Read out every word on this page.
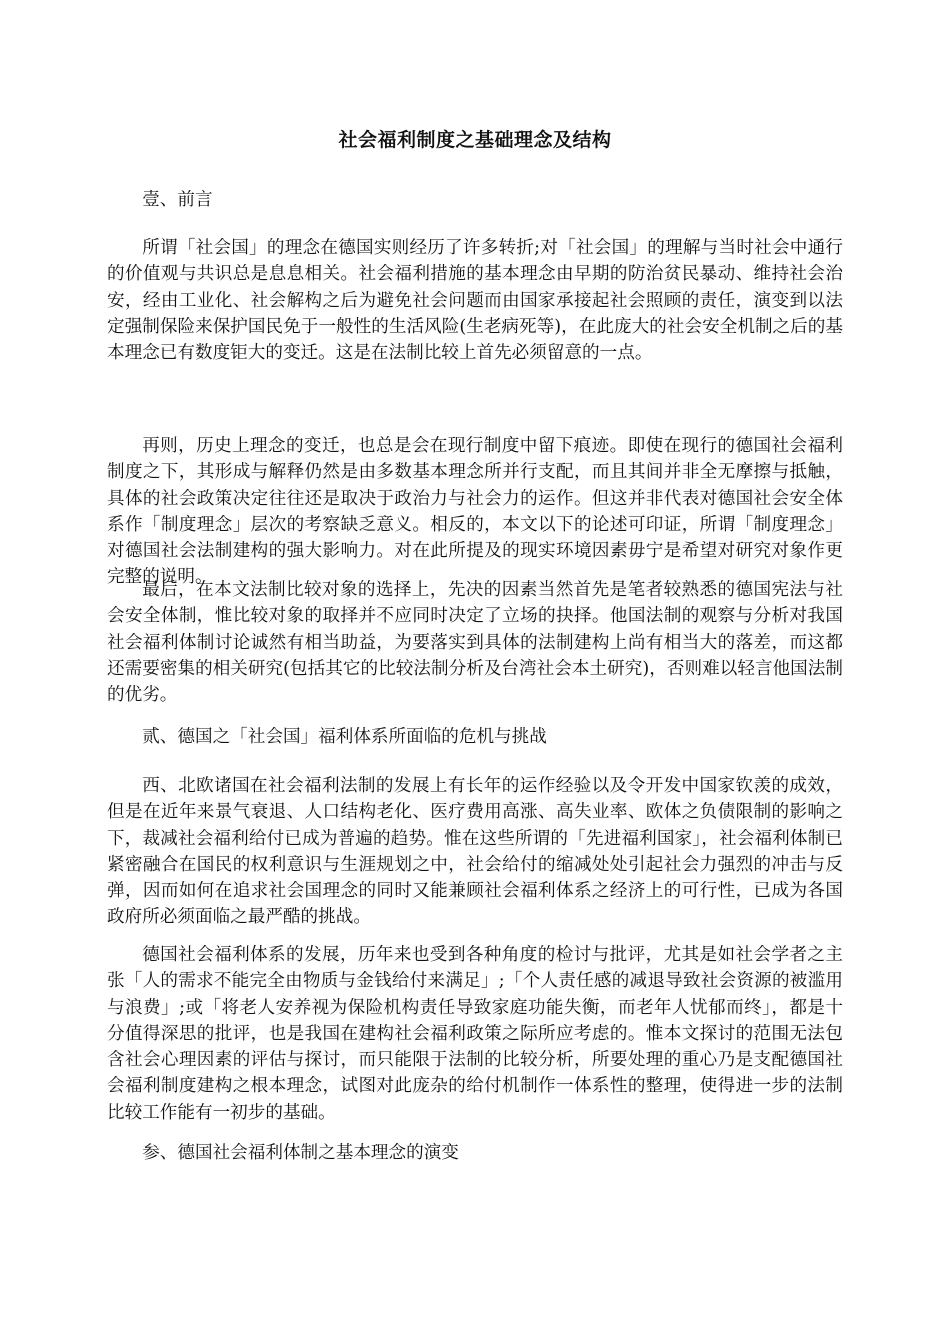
社会福利制度之基础理念及结构

壹、前言

所谓「社会国」的理念在德国实则经历了许多转折;对「社会国」的理解与当时社会中通行的价值观与共识总是息息相关。社会福利措施的基本理念由早期的防治贫民暴动、维持社会治安，经由工业化、社会解构之后为避免社会问题而由国家承接起社会照顾的责任，演变到以法定强制保险来保护国民免于一般性的生活风险(生老病死等)，在此庞大的社会安全机制之后的基本理念已有数度钜大的变迁。这是在法制比较上首先必须留意的一点。

再则，历史上理念的变迁，也总是会在现行制度中留下痕迹。即使在现行的德国社会福利制度之下，其形成与解释仍然是由多数基本理念所并行支配，而且其间并非全无摩擦与抵触，具体的社会政策决定往往还是取决于政治力与社会力的运作。但这并非代表对德国社会安全体系作「制度理念」层次的考察缺乏意义。相反的，本文以下的论述可印证，所谓「制度理念」对德国社会法制建构的强大影响力。对在此所提及的现实环境因素毋宁是希望对研究对象作更完整的说明。

最后，在本文法制比较对象的选择上，先决的因素当然首先是笔者较熟悉的德国宪法与社会安全体制，惟比较对象的取择并不应同时决定了立场的抉择。他国法制的观察与分析对我国社会福利体制讨论诚然有相当助益，为要落实到具体的法制建构上尚有相当大的落差，而这都还需要密集的相关研究(包括其它的比较法制分析及台湾社会本土研究)，否则难以轻言他国法制的优劣。

贰、德国之「社会国」福利体系所面临的危机与挑战

西、北欧诸国在社会福利法制的发展上有长年的运作经验以及令开发中国家钦羡的成效，但是在近年来景气衰退、人口结构老化、医疗费用高涨、高失业率、欧体之负债限制的影响之下，裁减社会福利给付已成为普遍的趋势。惟在这些所谓的「先进福利国家」，社会福利体制已紧密融合在国民的权利意识与生涯规划之中，社会给付的缩减处处引起社会力强烈的冲击与反弹，因而如何在追求社会国理念的同时又能兼顾社会福利体系之经济上的可行性，已成为各国政府所必须面临之最严酷的挑战。

德国社会福利体系的发展，历年来也受到各种角度的检讨与批评，尤其是如社会学者之主张「人的需求不能完全由物质与金钱给付来满足」;「个人责任感的减退导致社会资源的被滥用与浪费」;或「将老人安养视为保险机构责任导致家庭功能失衡，而老年人忧郁而终」，都是十分值得深思的批评，也是我国在建构社会福利政策之际所应考虑的。惟本文探讨的范围无法包含社会心理因素的评估与探讨，而只能限于法制的比较分析，所要处理的重心乃是支配德国社会福利制度建构之根本理念，试图对此庞杂的给付机制作一体系性的整理，使得进一步的法制比较工作能有一初步的基础。

参、德国社会福利体制之基本理念的演变
